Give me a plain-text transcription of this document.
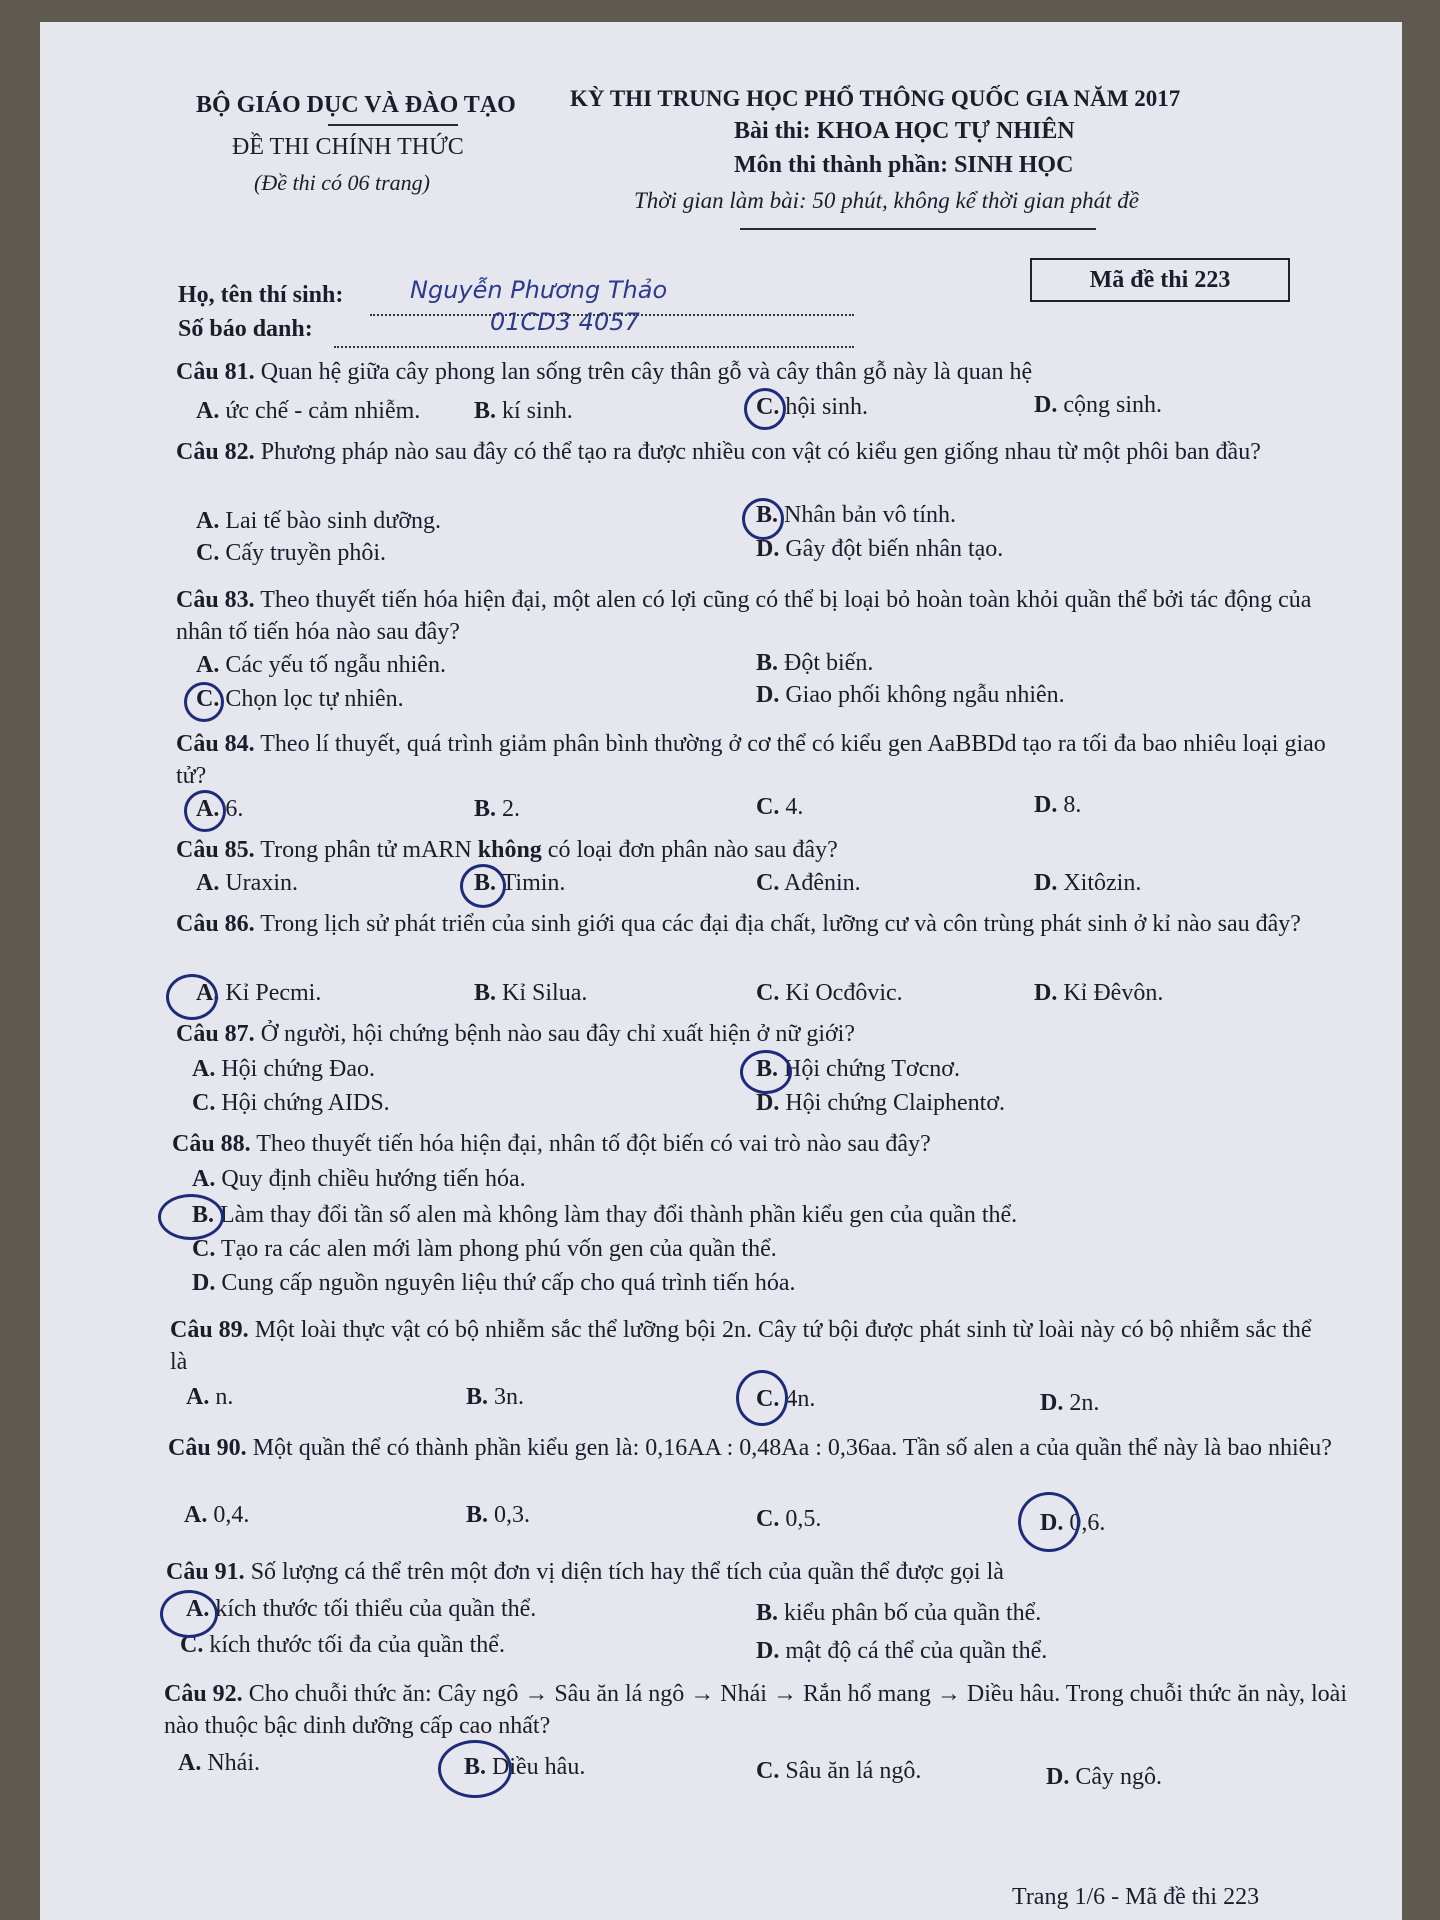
BỘ GIÁO DỤC VÀ ĐÀO TẠO
ĐỀ THI CHÍNH THỨC
(Đề thi có 06 trang)
KỲ THI TRUNG HỌC PHỔ THÔNG QUỐC GIA NĂM 2017
Bài thi: KHOA HỌC TỰ NHIÊN
Môn thi thành phần: SINH HỌC
Thời gian làm bài: 50 phút, không kể thời gian phát đề
Họ, tên thí sinh:	Nguyễn Phương Thảo
Số báo danh:	01CD3 4057
Mã đề thi 223
Câu 81. Quan hệ giữa cây phong lan sống trên cây thân gỗ và cây thân gỗ này là quan hệ
A. ức chế - cảm nhiễm. B. kí sinh.	C. hội sinh.	D. cộng sinh.
Câu 82. Phương pháp nào sau đây có thể tạo ra được nhiều con vật có kiểu gen giống nhau từ một phôi ban đầu?
A. Lai tế bào sinh dưỡng.	B. Nhân bản vô tính.
C. Cấy truyền phôi.	D. Gây đột biến nhân tạo.
Câu 83. Theo thuyết tiến hóa hiện đại, một alen có lợi cũng có thể bị loại bỏ hoàn toàn khỏi quần thể bởi tác động của nhân tố tiến hóa nào sau đây?
A. Các yếu tố ngẫu nhiên.	B. Đột biến.
C. Chọn lọc tự nhiên.	D. Giao phối không ngẫu nhiên.
Câu 84. Theo lí thuyết, quá trình giảm phân bình thường ở cơ thể có kiểu gen AaBBDd tạo ra tối đa bao nhiêu loại giao tử?
A. 6.	B. 2.	C. 4.	D. 8.
Câu 85. Trong phân tử mARN không có loại đơn phân nào sau đây?
A. Uraxin.	B. Timin.	C. Ađênin.	D. Xitôzin.
Câu 86. Trong lịch sử phát triển của sinh giới qua các đại địa chất, lưỡng cư và côn trùng phát sinh ở kỉ nào sau đây?
A. Kỉ Pecmi.	B. Kỉ Silua.	C. Kỉ Ocđôvic.	D. Kỉ Đêvôn.
Câu 87. Ở người, hội chứng bệnh nào sau đây chỉ xuất hiện ở nữ giới?
A. Hội chứng Đao.	B. Hội chứng Tơcnơ.
C. Hội chứng AIDS.	D. Hội chứng Claiphentơ.
Câu 88. Theo thuyết tiến hóa hiện đại, nhân tố đột biến có vai trò nào sau đây?
A. Quy định chiều hướng tiến hóa.
B. Làm thay đổi tần số alen mà không làm thay đổi thành phần kiểu gen của quần thể.
C. Tạo ra các alen mới làm phong phú vốn gen của quần thể.
D. Cung cấp nguồn nguyên liệu thứ cấp cho quá trình tiến hóa.
Câu 89. Một loài thực vật có bộ nhiễm sắc thể lưỡng bội 2n. Cây tứ bội được phát sinh từ loài này có bộ nhiễm sắc thể là
A. n.	B. 3n.	C. 4n.	D. 2n.
Câu 90. Một quần thể có thành phần kiểu gen là: 0,16AA : 0,48Aa : 0,36aa. Tần số alen a của quần thể này là bao nhiêu?
A. 0,4.	B. 0,3.	C. 0,5.	D. 0,6.
Câu 91. Số lượng cá thể trên một đơn vị diện tích hay thể tích của quần thể được gọi là
A. kích thước tối thiểu của quần thể.	B. kiểu phân bố của quần thể.
C. kích thước tối đa của quần thể.	D. mật độ cá thể của quần thể.
Câu 92. Cho chuỗi thức ăn: Cây ngô → Sâu ăn lá ngô → Nhái → Rắn hổ mang → Diều hâu. Trong chuỗi thức ăn này, loài nào thuộc bậc dinh dưỡng cấp cao nhất?
A. Nhái.	B. Diều hâu.	C. Sâu ăn lá ngô.	D. Cây ngô.
Trang 1/6 - Mã đề thi 223
